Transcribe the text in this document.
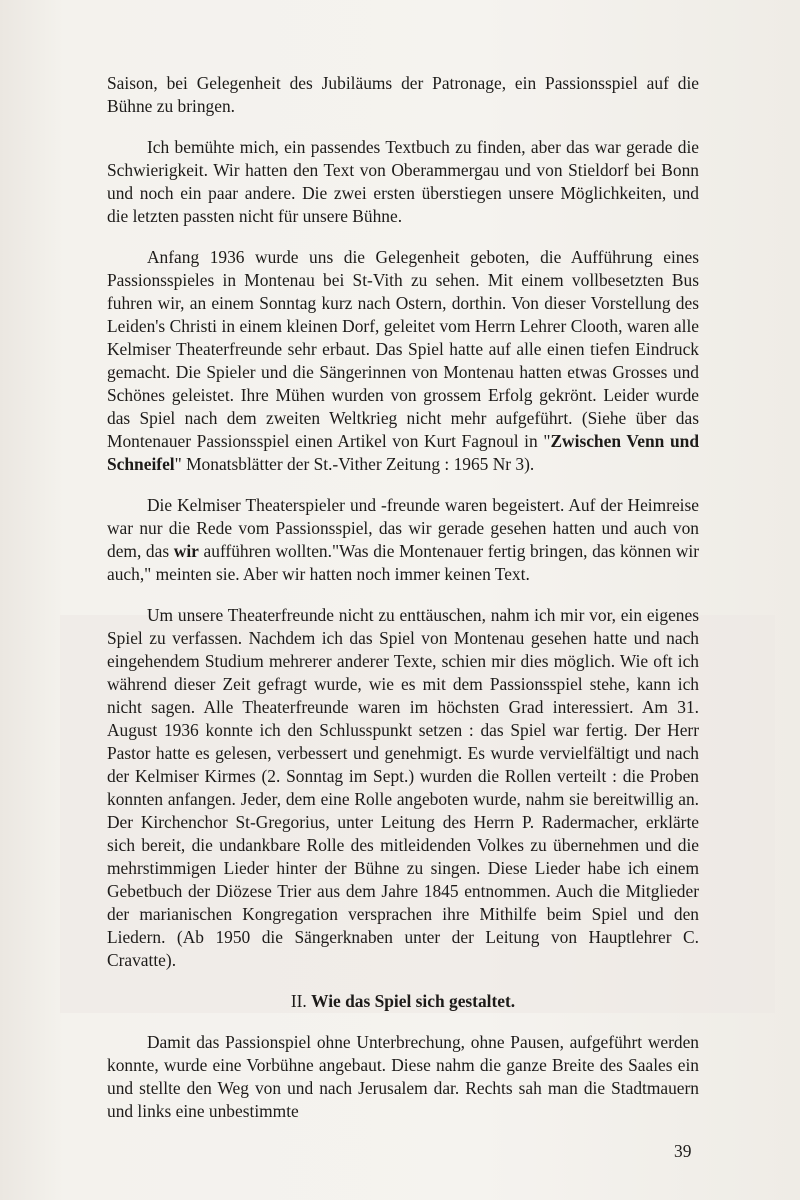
Saison, bei Gelegenheit des Jubiläums der Patronage, ein Passionsspiel auf die Bühne zu bringen.

Ich bemühte mich, ein passendes Textbuch zu finden, aber das war gerade die Schwierigkeit. Wir hatten den Text von Oberammergau und von Stieldorf bei Bonn und noch ein paar andere. Die zwei ersten überstiegen unsere Möglichkeiten, und die letzten passten nicht für unsere Bühne.

Anfang 1936 wurde uns die Gelegenheit geboten, die Aufführung eines Passionsspieles in Montenau bei St-Vith zu sehen. Mit einem vollbesetzten Bus fuhren wir, an einem Sonntag kurz nach Ostern, dorthin. Von dieser Vorstellung des Leiden's Christi in einem kleinen Dorf, geleitet vom Herrn Lehrer Clooth, waren alle Kelmiser Theaterfreunde sehr erbaut. Das Spiel hatte auf alle einen tiefen Eindruck gemacht. Die Spieler und die Sängerinnen von Montenau hatten etwas Grosses und Schönes geleistet. Ihre Mühen wurden von grossem Erfolg gekrönt. Leider wurde das Spiel nach dem zweiten Weltkrieg nicht mehr aufgeführt. (Siehe über das Montenauer Passionsspiel einen Artikel von Kurt Fagnoul in "Zwischen Venn und Schneifel" Monatsblätter der St.-Vither Zeitung : 1965 Nr 3).

Die Kelmiser Theaterspieler und -freunde waren begeistert. Auf der Heimreise war nur die Rede vom Passionsspiel, das wir gerade gesehen hatten und auch von dem, das wir aufführen wollten."Was die Montenauer fertig bringen, das können wir auch," meinten sie. Aber wir hatten noch immer keinen Text.

Um unsere Theaterfreunde nicht zu enttäuschen, nahm ich mir vor, ein eigenes Spiel zu verfassen. Nachdem ich das Spiel von Montenau gesehen hatte und nach eingehendem Studium mehrerer anderer Texte, schien mir dies möglich. Wie oft ich während dieser Zeit gefragt wurde, wie es mit dem Passionsspiel stehe, kann ich nicht sagen. Alle Theaterfreunde waren im höchsten Grad interessiert. Am 31. August 1936 konnte ich den Schlusspunkt setzen : das Spiel war fertig. Der Herr Pastor hatte es gelesen, verbessert und genehmigt. Es wurde vervielfältigt und nach der Kelmiser Kirmes (2. Sonntag im Sept.) wurden die Rollen verteilt : die Proben konnten anfangen. Jeder, dem eine Rolle angeboten wurde, nahm sie bereitwillig an. Der Kirchenchor St-Gregorius, unter Leitung des Herrn P. Radermacher, erklärte sich bereit, die undankbare Rolle des mitleidenden Volkes zu übernehmen und die mehrstimmigen Lieder hinter der Bühne zu singen. Diese Lieder habe ich einem Gebetbuch der Diözese Trier aus dem Jahre 1845 entnommen. Auch die Mitglieder der marianischen Kongregation versprachen ihre Mithilfe beim Spiel und den Liedern. (Ab 1950 die Sängerknaben unter der Leitung von Hauptlehrer C. Cravatte).

II. Wie das Spiel sich gestaltet.

Damit das Passionspiel ohne Unterbrechung, ohne Pausen, aufgeführt werden konnte, wurde eine Vorbühne angebaut. Diese nahm die ganze Breite des Saales ein und stellte den Weg von und nach Jerusalem dar. Rechts sah man die Stadtmauern und links eine unbestimmte

39
